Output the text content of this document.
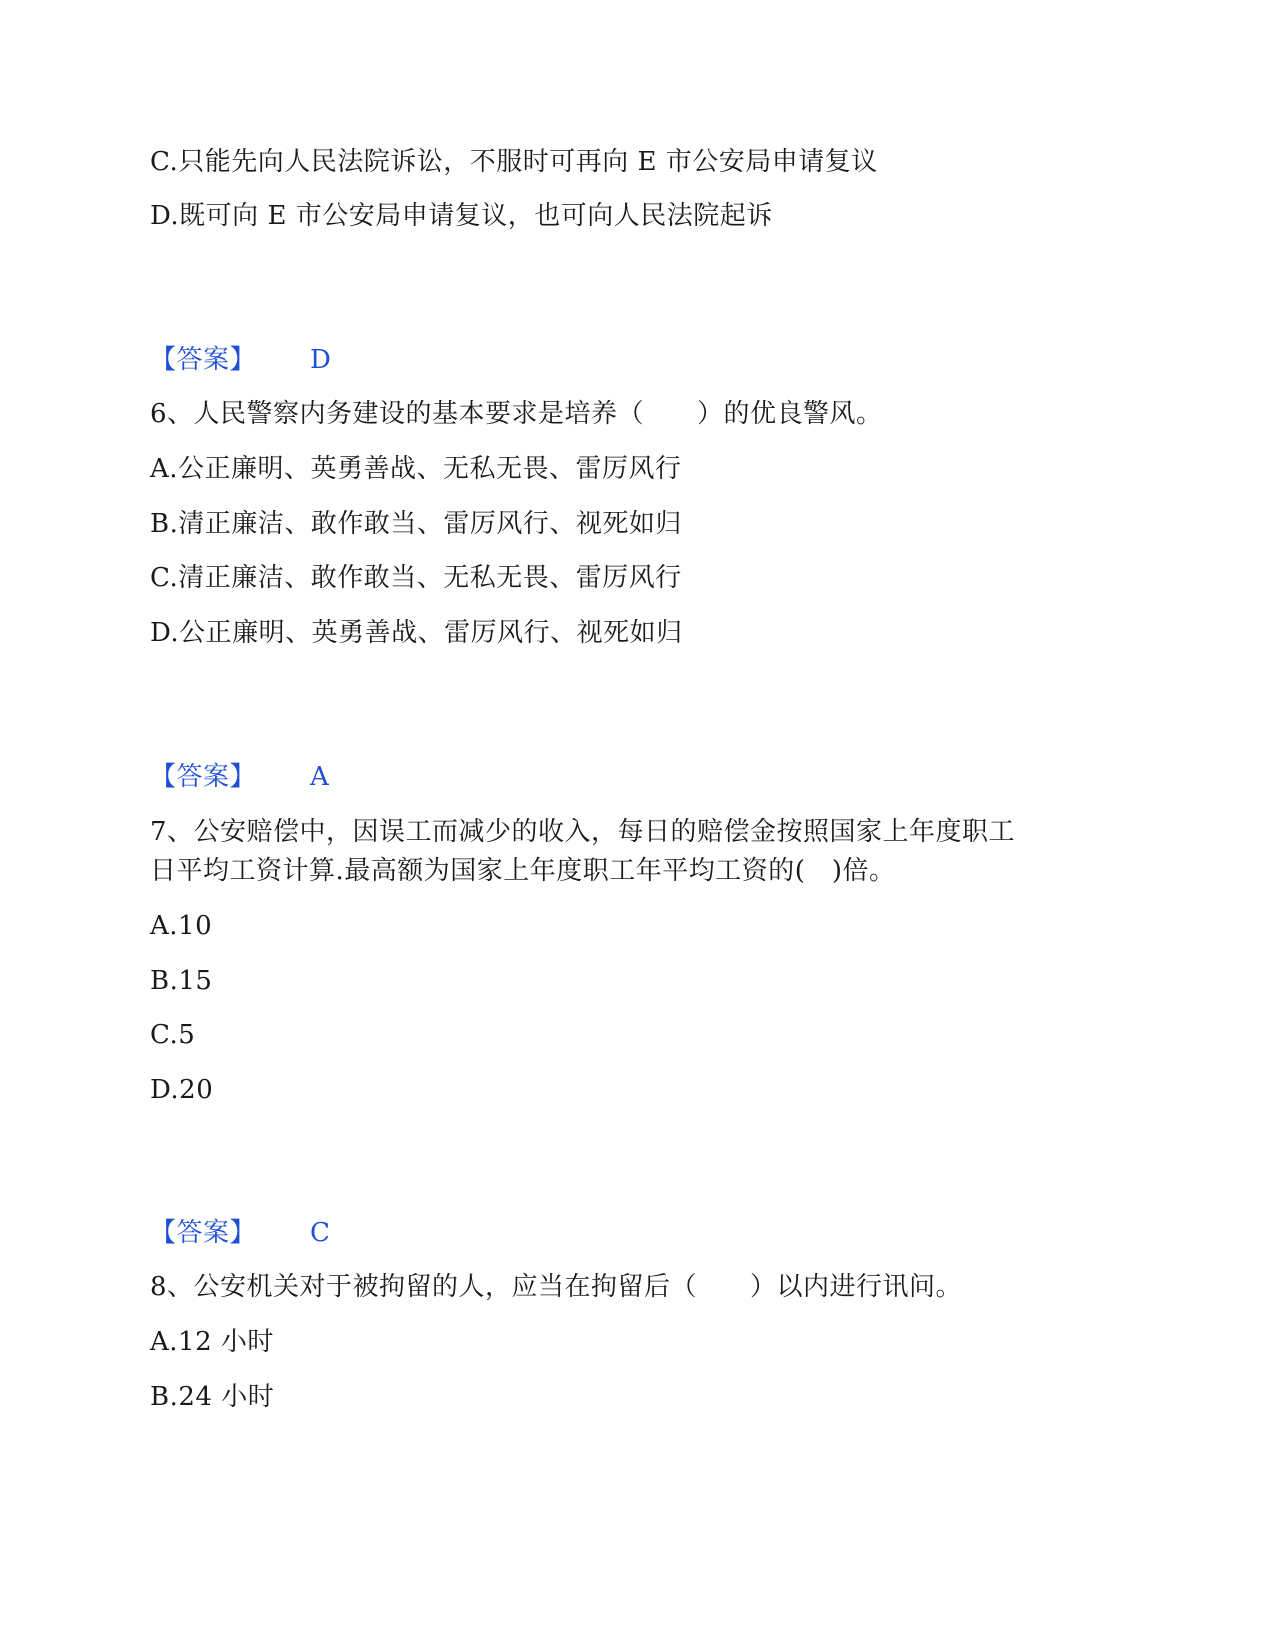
C.只能先向人民法院诉讼，不服时可再向 E 市公安局申请复议
D.既可向 E 市公安局申请复议，也可向人民法院起诉
【答案】 D
6、人民警察内务建设的基本要求是培养（　　）的优良警风。
A.公正廉明、英勇善战、无私无畏、雷厉风行
B.清正廉洁、敢作敢当、雷厉风行、视死如归
C.清正廉洁、敢作敢当、无私无畏、雷厉风行
D.公正廉明、英勇善战、雷厉风行、视死如归
【答案】 A
7、公安赔偿中，因误工而减少的收入，每日的赔偿金按照国家上年度职工
日平均工资计算.最高额为国家上年度职工年平均工资的(　)倍。
A.10
B.15
C.5
D.20
【答案】 C
8、公安机关对于被拘留的人，应当在拘留后（　　）以内进行讯问。
A.12 小时
B.24 小时
